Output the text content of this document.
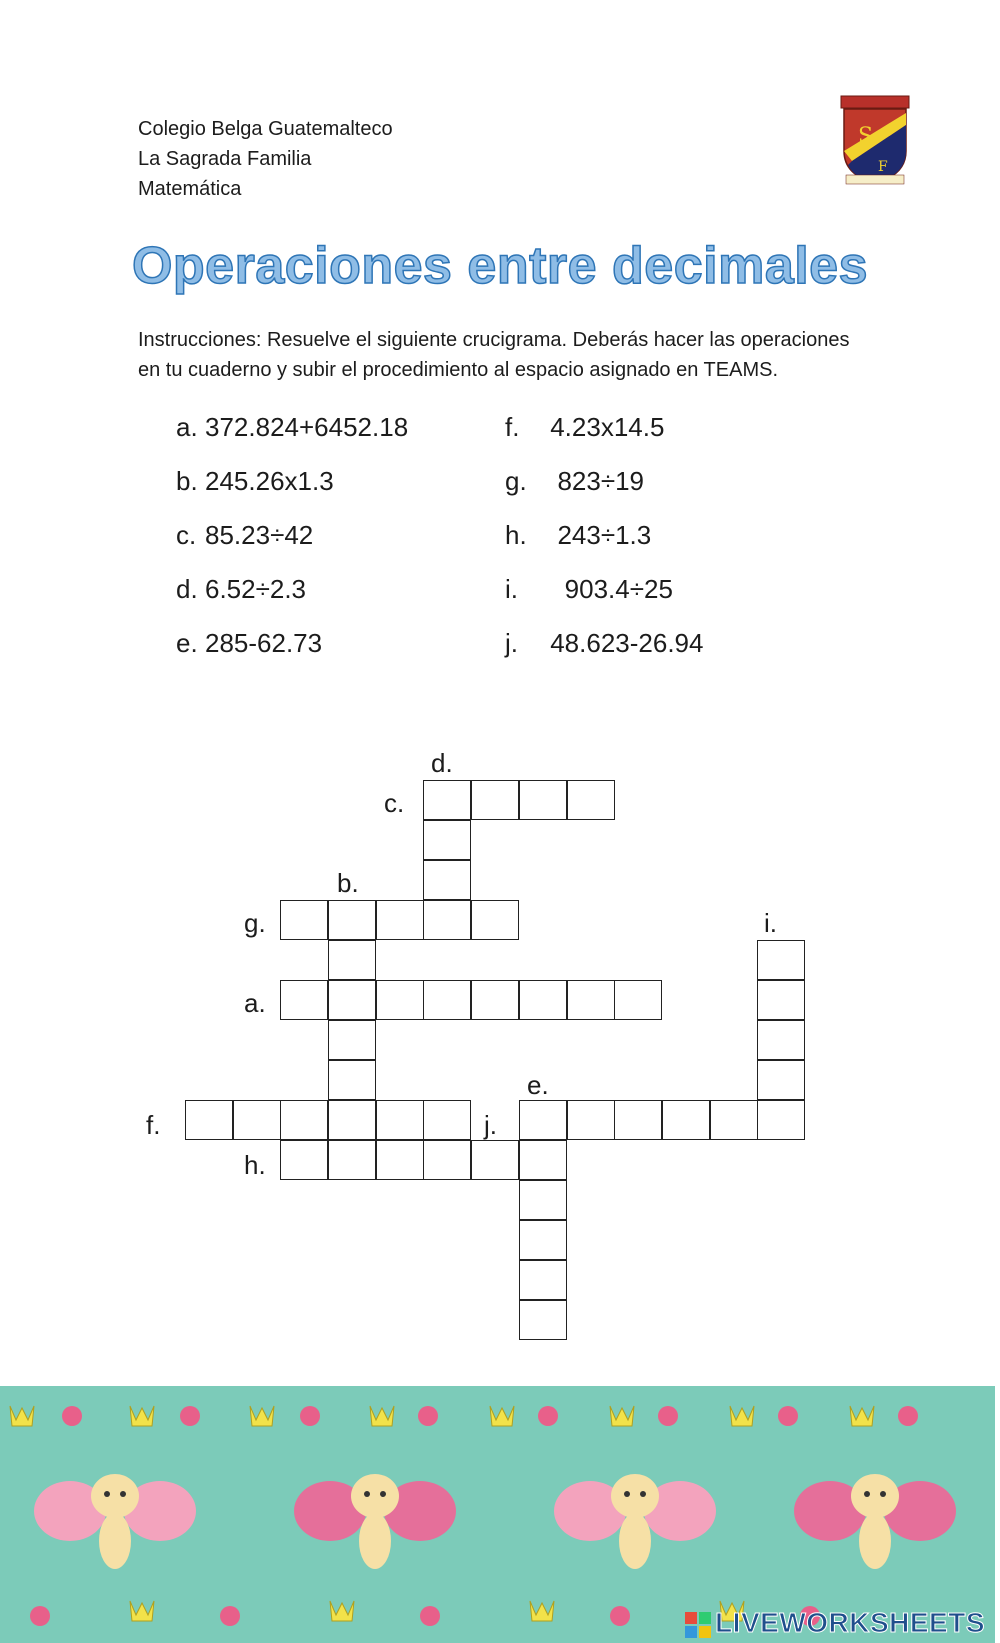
Colegio Belga Guatemalteco
La Sagrada Familia
Matemática
S
F
Operaciones entre decimales
Instrucciones: Resuelve el siguiente crucigrama. Deberás hacer las operaciones en tu cuaderno y subir el procedimiento al espacio asignado en TEAMS.
a. 372.824+6452.18
b. 245.26x1.3
c. 85.23÷42
d. 6.52÷2.3
e. 285-62.73
f. 4.23x14.5
g.  823÷19
h.  243÷1.3
i.   903.4÷25
j. 48.623-26.94
d.
c.
b.
g.	i.
a.
e.
f.	j.
h.
LIVEWORKSHEETS
